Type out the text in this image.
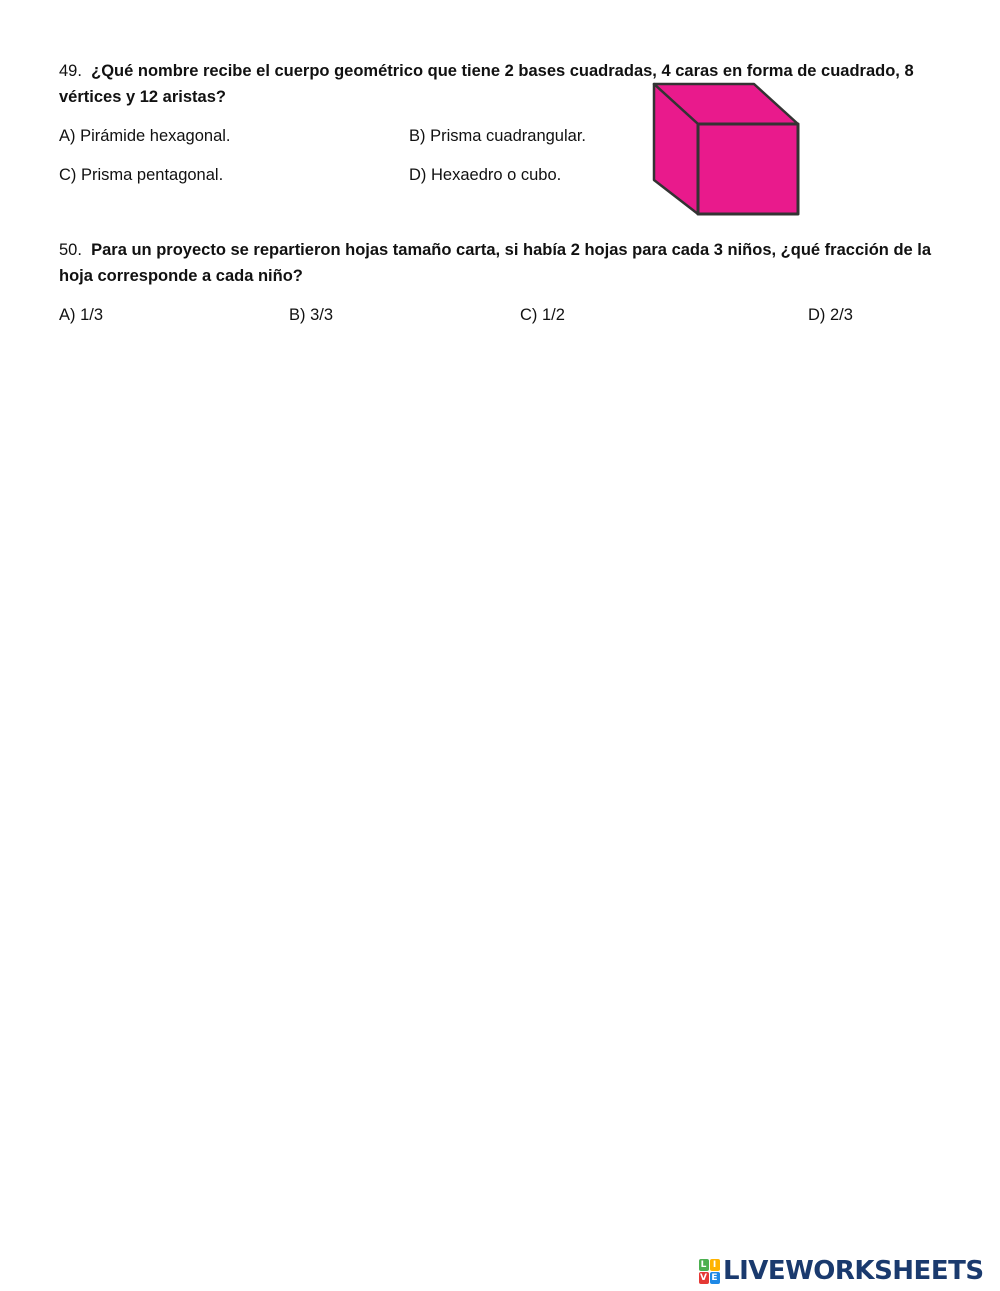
49. ¿Qué nombre recibe el cuerpo geométrico que tiene 2 bases cuadradas, 4 caras en forma de cuadrado, 8 vértices y 12 aristas?
A) Pirámide hexagonal.	B) Prisma cuadrangular.
C) Prisma pentagonal.	D) Hexaedro o cubo.
50. Para un proyecto se repartieron hojas tamaño carta, si había 2 hojas para cada 3 niños, ¿qué fracción de la hoja corresponde a cada niño?
A) 1/3	B) 3/3	C) 1/2	D) 2/3
L I
V E LIVEWORKSHEETS
